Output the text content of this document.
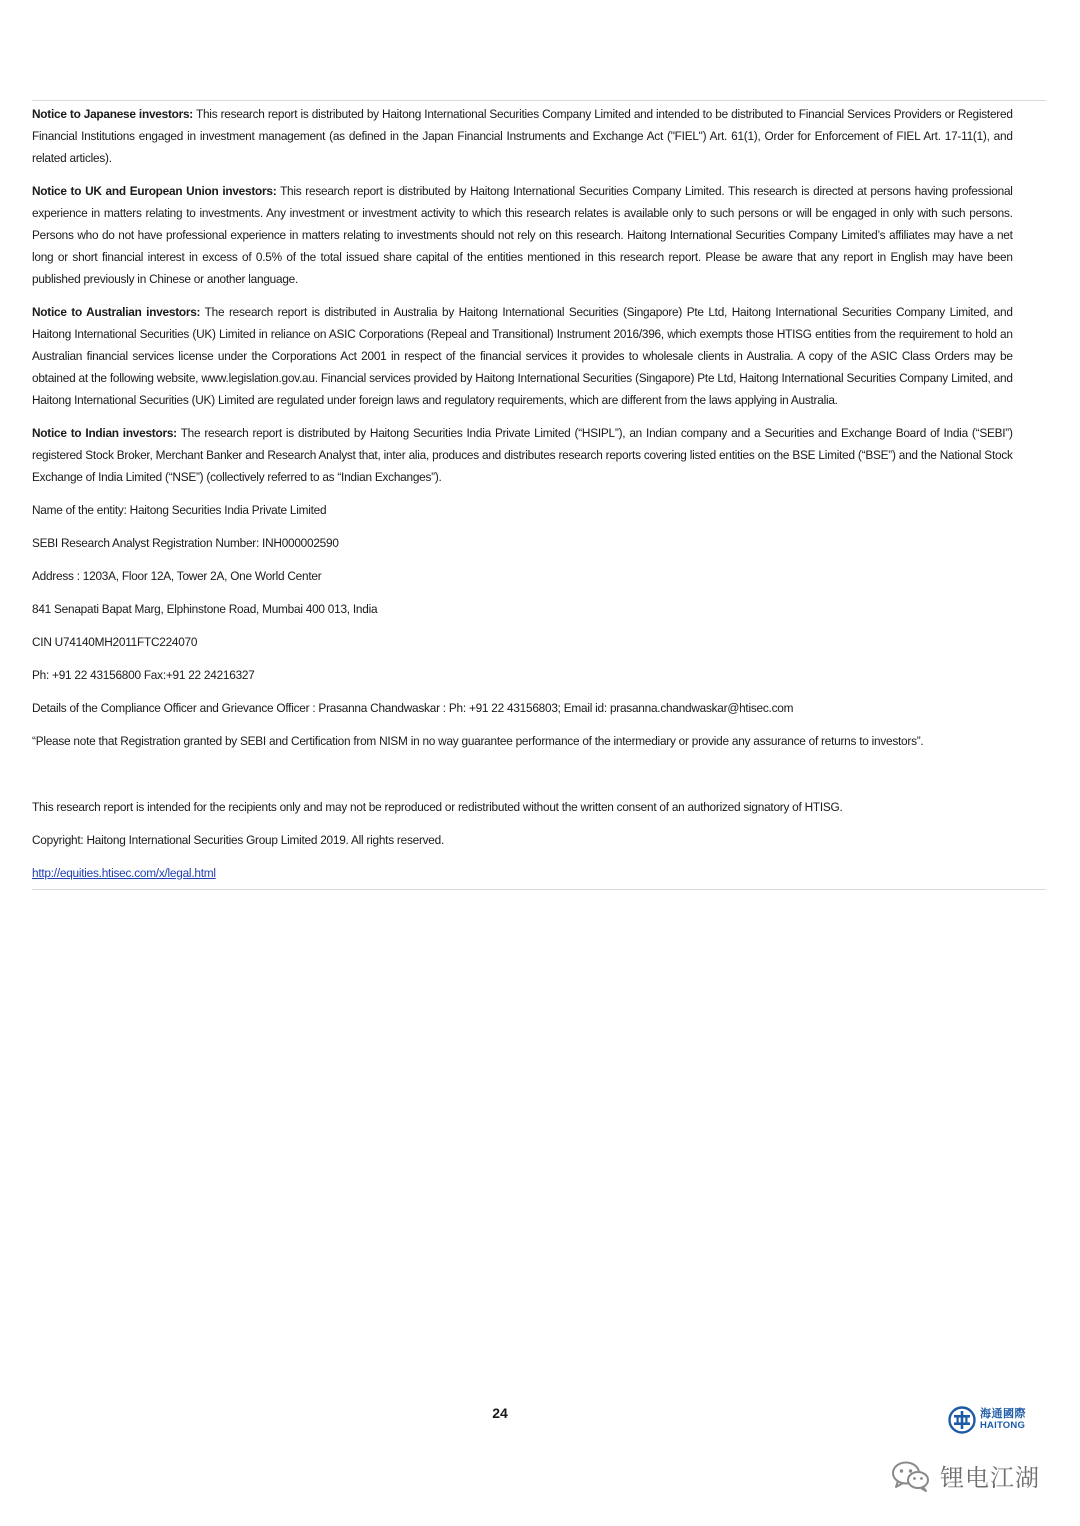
Notice to Japanese investors: This research report is distributed by Haitong International Securities Company Limited and intended to be distributed to Financial Services Providers or Registered Financial Institutions engaged in investment management (as defined in the Japan Financial Instruments and Exchange Act ("FIEL") Art. 61(1), Order for Enforcement of FIEL Art. 17-11(1), and related articles).

Notice to UK and European Union investors: This research report is distributed by Haitong International Securities Company Limited. This research is directed at persons having professional experience in matters relating to investments. Any investment or investment activity to which this research relates is available only to such persons or will be engaged in only with such persons. Persons who do not have professional experience in matters relating to investments should not rely on this research. Haitong International Securities Company Limited’s affiliates may have a net long or short financial interest in excess of 0.5% of the total issued share capital of the entities mentioned in this research report. Please be aware that any report in English may have been published previously in Chinese or another language.

Notice to Australian investors: The research report is distributed in Australia by Haitong International Securities (Singapore) Pte Ltd, Haitong International Securities Company Limited, and Haitong International Securities (UK) Limited in reliance on ASIC Corporations (Repeal and Transitional) Instrument 2016/396, which exempts those HTISG entities from the requirement to hold an Australian financial services license under the Corporations Act 2001 in respect of the financial services it provides to wholesale clients in Australia. A copy of the ASIC Class Orders may be obtained at the following website, www.legislation.gov.au. Financial services provided by Haitong International Securities (Singapore) Pte Ltd, Haitong International Securities Company Limited, and Haitong International Securities (UK) Limited are regulated under foreign laws and regulatory requirements, which are different from the laws applying in Australia.

Notice to Indian investors: The research report is distributed by Haitong Securities India Private Limited (“HSIPL”), an Indian company and a Securities and Exchange Board of India (“SEBI”) registered Stock Broker, Merchant Banker and Research Analyst that, inter alia, produces and distributes research reports covering listed entities on the BSE Limited (“BSE”) and the National Stock Exchange of India Limited (“NSE”) (collectively referred to as “Indian Exchanges”).

Name of the entity: Haitong Securities India Private Limited

SEBI Research Analyst Registration Number: INH000002590

Address : 1203A, Floor 12A, Tower 2A, One World Center

841 Senapati Bapat Marg, Elphinstone Road, Mumbai 400 013, India

CIN U74140MH2011FTC224070

Ph: +91 22 43156800 Fax:+91 22 24216327

Details of the Compliance Officer and Grievance Officer : Prasanna Chandwaskar : Ph: +91 22 43156803; Email id: prasanna.chandwaskar@htisec.com

“Please note that Registration granted by SEBI and Certification from NISM in no way guarantee performance of the intermediary or provide any assurance of returns to investors”.

This research report is intended for the recipients only and may not be reproduced or redistributed without the written consent of an authorized signatory of HTISG.

Copyright: Haitong International Securities Group Limited 2019. All rights reserved.

http://equities.htisec.com/x/legal.html

24	海通國際
HAITONG
锂电江湖
